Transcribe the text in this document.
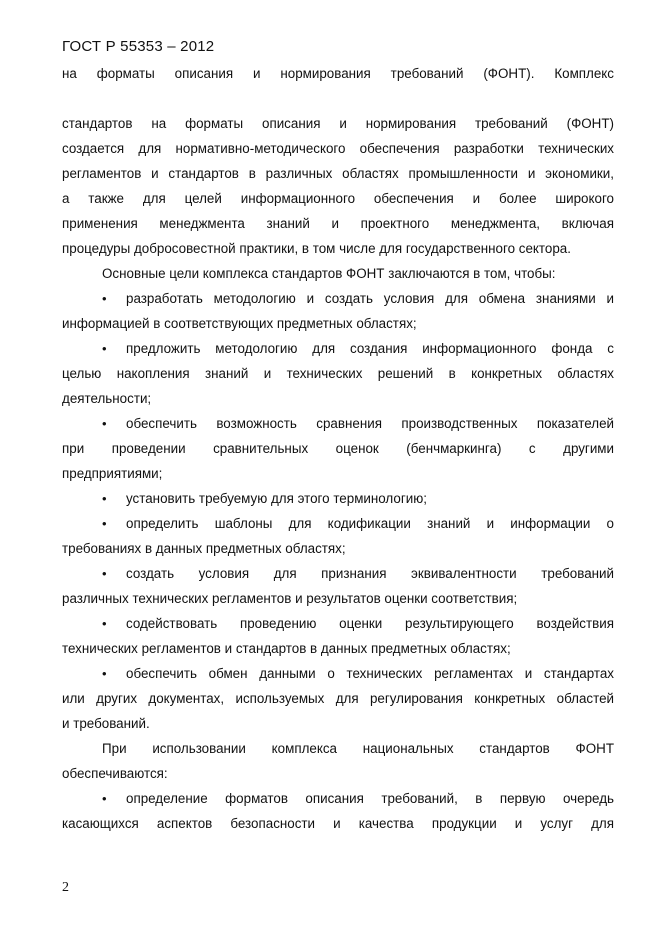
ГОСТ Р 55353 – 2012
на форматы описания и нормирования требований (ФОНТ). Комплекс
стандартов на форматы описания и нормирования требований (ФОНТ)
создается для нормативно-методического обеспечения разработки технических
регламентов и стандартов в различных областях промышленности и экономики,
а также для целей информационного обеспечения и более широкого
применения менеджмента знаний и проектного менеджмента, включая
процедуры добросовестной практики, в том числе для государственного сектора.
Основные цели комплекса стандартов ФОНТ заключаются в том, чтобы:
• разработать методологию и создать условия для обмена знаниями и
информацией в соответствующих предметных областях;
• предложить методологию для создания информационного фонда с
целью накопления знаний и технических решений в конкретных областях
деятельности;
• обеспечить возможность сравнения производственных показателей
при проведении сравнительных оценок (бенчмаркинга) с другими
предприятиями;
• установить требуемую для этого терминологию;
• определить шаблоны для кодификации знаний и информации о
требованиях в данных предметных областях;
• создать условия для признания эквивалентности требований
различных технических регламентов и результатов оценки соответствия;
• содействовать проведению оценки результирующего воздействия
технических регламентов и стандартов в данных предметных областях;
• обеспечить обмен данными о технических регламентах и стандартах
или других документах, используемых для регулирования конкретных областей
и требований.
При использовании комплекса национальных стандартов ФОНТ
обеспечиваются:
• определение форматов описания требований, в первую очередь
касающихся аспектов безопасности и качества продукции и услуг для
2
